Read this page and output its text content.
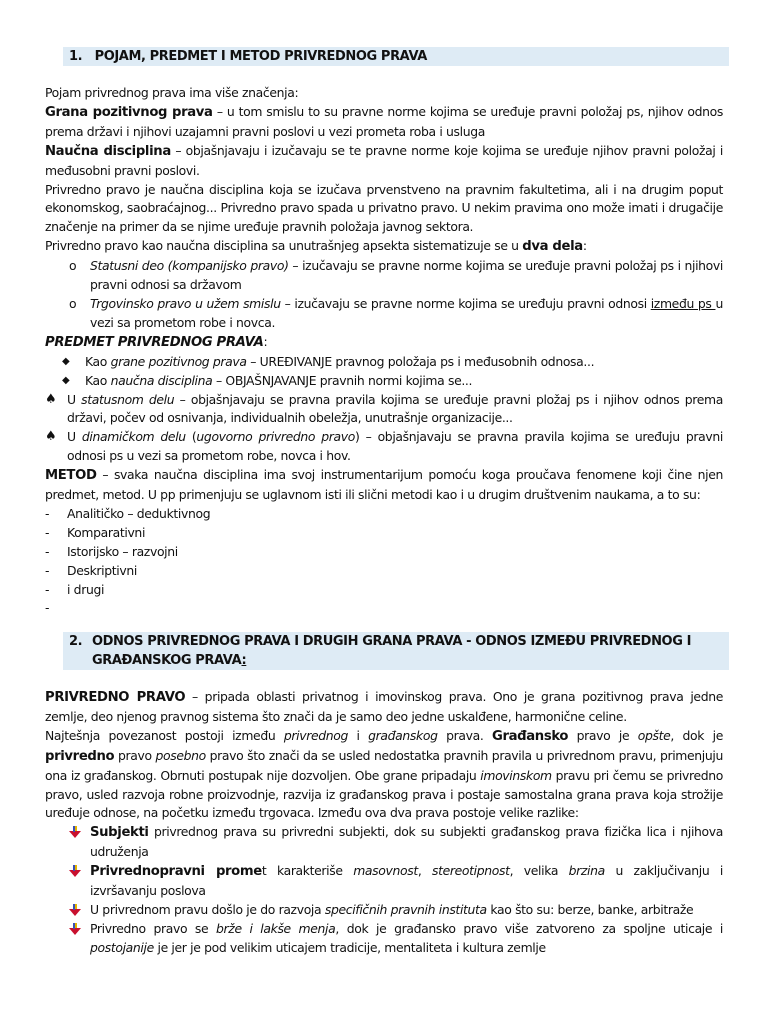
1. POJAM, PREDMET I METOD PRIVREDNOG PRAVA

Pojam privrednog prava ima više značenja:

Grana pozitivnog prava – u tom smislu to su pravne norme kojima se uređuje pravni položaj ps, njihov odnos prema državi i njihovi uzajamni pravni poslovi u vezi prometa roba i usluga

Naučna disciplina – objašnjavaju i izučavaju se te pravne norme koje kojima se uređuje njihov pravni položaj i međusobni pravni poslovi.

Privredno pravo je naučna disciplina koja se izučava prvenstveno na pravnim fakultetima, ali i na drugim poput ekonomskog, saobraćajnog... Privredno pravo spada u privatno pravo. U nekim pravima ono može imati i drugačije značenje na primer da se njime uređuje pravnih položaja javnog sektora.

Privredno pravo kao naučna disciplina sa unutrašnjeg apsekta sistematizuje se u dva dela:

o Statusni deo (kompanijsko pravo) – izučavaju se pravne norme kojima se uređuje pravni položaj ps i njihovi pravni odnosi sa državom
o Trgovinsko pravo u užem smislu – izučavaju se pravne norme kojima se uređuju pravni odnosi između ps u vezi sa prometom robe i novca.

PREDMET PRIVREDNOG PRAVA:

◆ Kao grane pozitivnog prava – UREĐIVANJE pravnog položaja ps i međusobnih odnosa...
◆ Kao naučna disciplina – OBJAŠNJAVANJE pravnih normi kojima se...
♠ U statusnom delu – objašnjavaju se pravna pravila kojima se uređuje pravni ploža​j ps i njihov odnos prema državi, počev od osnivanja, individualnih obeležja, unutrašnje organizacije...
♠ U dinamičkom delu (ugovorno privredno pravo) – objašnjavaju se pravna pravila kojima se uređuju pravni odnosi ps u vezi sa prometom robe, novca i hov.

METOD – svaka naučna disciplina ima svoj instrumentarijum pomoću koga proučava fenomene koji čine njen predmet, metod. U pp primenjuju se uglavnom isti ili slični metodi kao i u drugim društvenim naukama, a to su:

- Analitičko – deduktivnog
- Komparativni
- Istorijsko – razvojni
- Deskriptivni
- i drugi
-

2. ODNOS PRIVREDNOG PRAVA I DRUGIH GRANA PRAVA - ODNOS IZMEĐU PRIVREDNOG I GRAĐANSKOG PRAVA:

PRIVREDNO PRAVO – pripada oblasti privatnog i imovinskog prava. Ono je grana pozitivnog prava jedne zemlje, deo njenog pravnog sistema što znači da je samo deo jedne uskalđene, harmonične celine.

Najtešnja povezanost postoji između privrednog i građanskog prava. Građansko pravo je opšte, dok je privredno pravo posebno pravo što znači da se usled nedostatka pravnih pravila u privrednom pravu, primenjuju ona iz građanskog. Obrnuti postupak nije dozvoljen. Obe grane pripadaju imovinskom pravu pri čemu se privredno pravo, usled razvoja robne proizvodnje, razvija iz građanskog prava i postaje samostalna grana prava koja strožije uređuje odnose, na početku između trgovaca. Između ova dva prava postoje velike razlike:

Subjekti privrednog prava su privredni subjekti, dok su subjekti građanskog prava fizička lica i njihova udruženja
Privrednopravni promet karakteriše masovnost, stereotipnost, velika brzina u zaključivanju i izvršavanju poslova
U privrednom pravu došlo je do razvoja specifičnih pravnih instituta kao što su: berze, banke, arbitraže
Privredno pravo se brže i lakše menja, dok je građansko pravo više zatvoreno za spoljne uticaje i postojanije je jer je pod velikim uticajem tradicije, mentaliteta i kultura zemlje
